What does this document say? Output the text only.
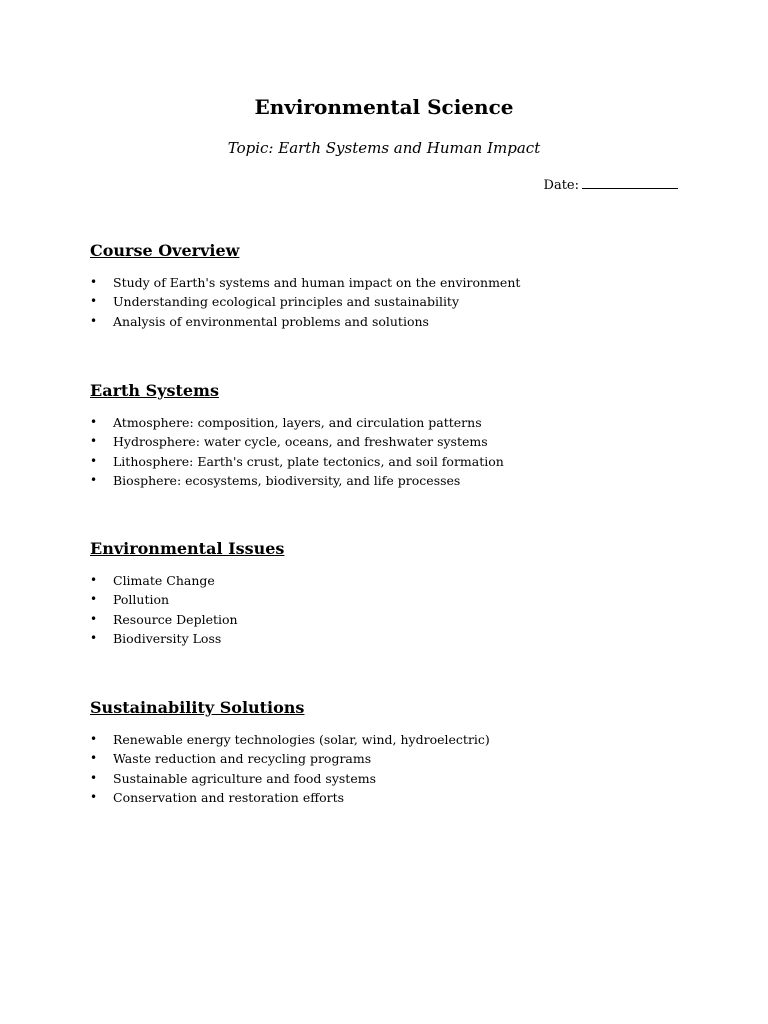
Environmental Science
Topic: Earth Systems and Human Impact
Date:
Course Overview
• Study of Earth's systems and human impact on the environment
• Understanding ecological principles and sustainability
• Analysis of environmental problems and solutions
Earth Systems
• Atmosphere: composition, layers, and circulation patterns
• Hydrosphere: water cycle, oceans, and freshwater systems
• Lithosphere: Earth's crust, plate tectonics, and soil formation
• Biosphere: ecosystems, biodiversity, and life processes
Environmental Issues
• Climate Change
• Pollution
• Resource Depletion
• Biodiversity Loss
Sustainability Solutions
• Renewable energy technologies (solar, wind, hydroelectric)
• Waste reduction and recycling programs
• Sustainable agriculture and food systems
• Conservation and restoration efforts
